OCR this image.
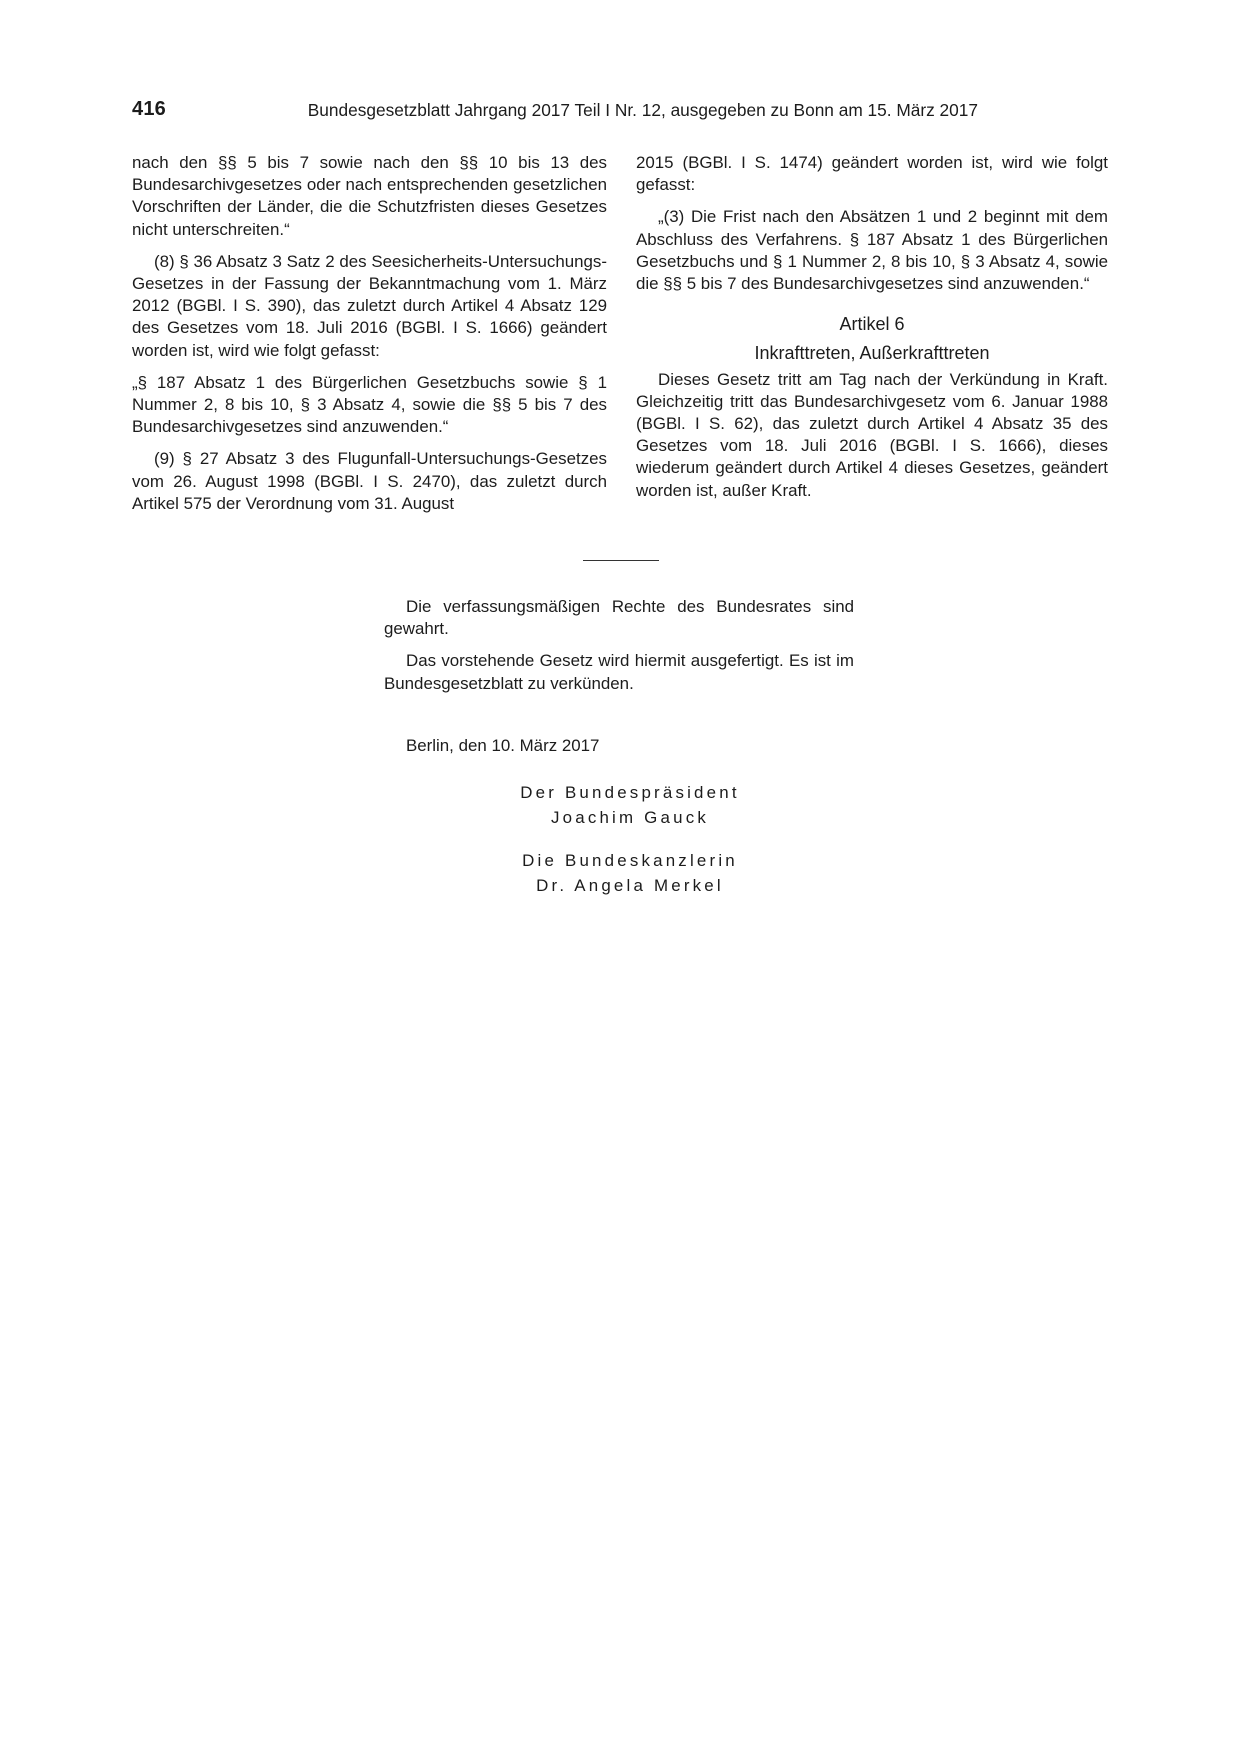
416	Bundesgesetzblatt Jahrgang 2017 Teil I Nr. 12, ausgegeben zu Bonn am 15. März 2017

nach den §§ 5 bis 7 sowie nach den §§ 10 bis 13 des Bundesarchivgesetzes oder nach entsprechenden gesetzlichen Vorschriften der Länder, die die Schutzfristen dieses Gesetzes nicht unterschreiten.“

(8) § 36 Absatz 3 Satz 2 des Seesicherheits-Untersuchungs-Gesetzes in der Fassung der Bekanntmachung vom 1. März 2012 (BGBl. I S. 390), das zuletzt durch Artikel 4 Absatz 129 des Gesetzes vom 18. Juli 2016 (BGBl. I S. 1666) geändert worden ist, wird wie folgt gefasst:

„§ 187 Absatz 1 des Bürgerlichen Gesetzbuchs sowie § 1 Nummer 2, 8 bis 10, § 3 Absatz 4, sowie die §§ 5 bis 7 des Bundesarchivgesetzes sind anzuwenden.“

(9) § 27 Absatz 3 des Flugunfall-Untersuchungs-Gesetzes vom 26. August 1998 (BGBl. I S. 2470), das zuletzt durch Artikel 575 der Verordnung vom 31. August

2015 (BGBl. I S. 1474) geändert worden ist, wird wie folgt gefasst:

„(3) Die Frist nach den Absätzen 1 und 2 beginnt mit dem Abschluss des Verfahrens. § 187 Absatz 1 des Bürgerlichen Gesetzbuchs und § 1 Nummer 2, 8 bis 10, § 3 Absatz 4, sowie die §§ 5 bis 7 des Bundesarchivgesetzes sind anzuwenden.“

Artikel 6
Inkrafttreten, Außerkrafttreten

Dieses Gesetz tritt am Tag nach der Verkündung in Kraft. Gleichzeitig tritt das Bundesarchivgesetz vom 6. Januar 1988 (BGBl. I S. 62), das zuletzt durch Artikel 4 Absatz 35 des Gesetzes vom 18. Juli 2016 (BGBl. I S. 1666), dieses wiederum geändert durch Artikel 4 dieses Gesetzes, geändert worden ist, außer Kraft.

Die verfassungsmäßigen Rechte des Bundesrates sind gewahrt.

Das vorstehende Gesetz wird hiermit ausgefertigt. Es ist im Bundesgesetzblatt zu verkünden.

Berlin, den 10. März 2017
Der Bundespräsident
Joachim Gauck
Die Bundeskanzlerin
Dr. Angela Merkel
